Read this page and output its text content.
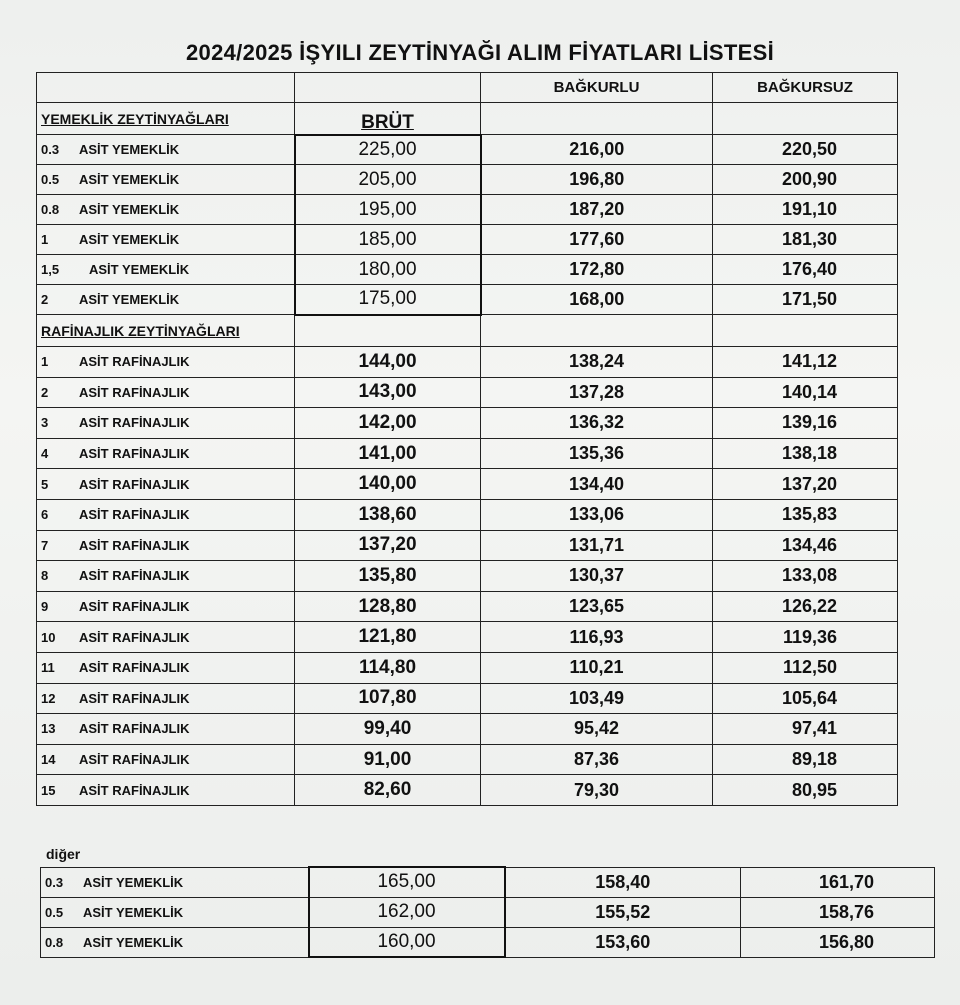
2024/2025 İŞYILI ZEYTİNYAĞI ALIM FİYATLARI LİSTESİ
		BAĞKURLU	BAĞKURSUZ
YEMEKLİK ZEYTİNYAĞLARI	BRÜT		
0.3 ASİT YEMEKLİK	225,00	216,00	220,50
0.5 ASİT YEMEKLİK	205,00	196,80	200,90
0.8 ASİT YEMEKLİK	195,00	187,20	191,10
1 ASİT YEMEKLİK	185,00	177,60	181,30
1,5 ASİT YEMEKLİK	180,00	172,80	176,40
2 ASİT YEMEKLİK	175,00	168,00	171,50
RAFİNAJLIK ZEYTİNYAĞLARI			
1 ASİT RAFİNAJLIK	144,00	138,24	141,12
2 ASİT RAFİNAJLIK	143,00	137,28	140,14
3 ASİT RAFİNAJLIK	142,00	136,32	139,16
4 ASİT RAFİNAJLIK	141,00	135,36	138,18
5 ASİT RAFİNAJLIK	140,00	134,40	137,20
6 ASİT RAFİNAJLIK	138,60	133,06	135,83
7 ASİT RAFİNAJLIK	137,20	131,71	134,46
8 ASİT RAFİNAJLIK	135,80	130,37	133,08
9 ASİT RAFİNAJLIK	128,80	123,65	126,22
10 ASİT RAFİNAJLIK	121,80	116,93	119,36
11 ASİT RAFİNAJLIK	114,80	110,21	112,50
12 ASİT RAFİNAJLIK	107,80	103,49	105,64
13 ASİT RAFİNAJLIK	99,40	95,42	97,41
14 ASİT RAFİNAJLIK	91,00	87,36	89,18
15 ASİT RAFİNAJLIK	82,60	79,30	80,95
diğer
0.3 ASİT YEMEKLİK	165,00	158,40	161,70
0.5 ASİT YEMEKLİK	162,00	155,52	158,76
0.8 ASİT YEMEKLİK	160,00	153,60	156,80
